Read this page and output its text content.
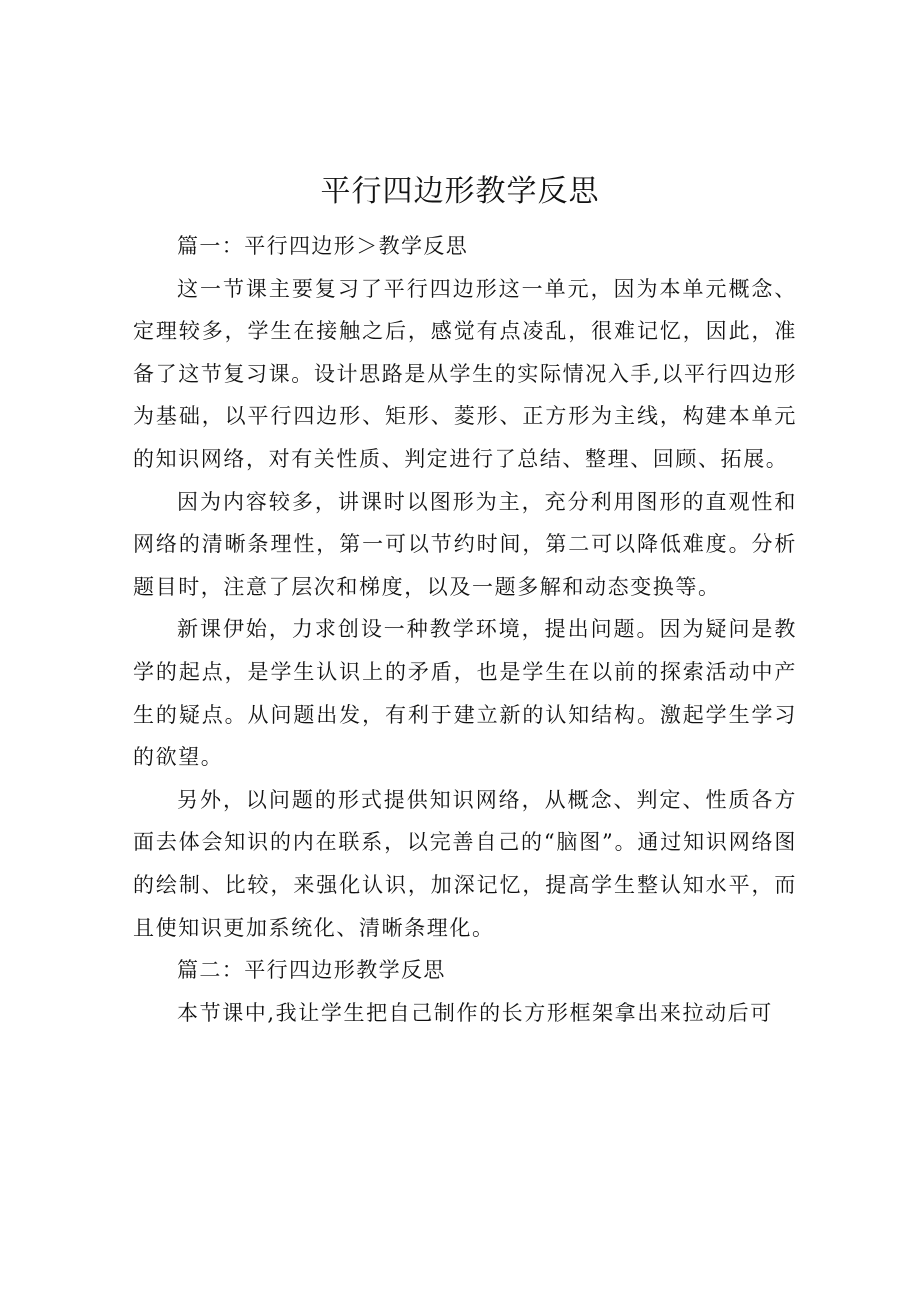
平行四边形教学反思

篇一：平行四边形＞教学反思

这一节课主要复习了平行四边形这一单元，因为本单元概念、定理较多，学生在接触之后，感觉有点凌乱，很难记忆，因此，准备了这节复习课。设计思路是从学生的实际情况入手,以平行四边形为基础，以平行四边形、矩形、菱形、正方形为主线，构建本单元的知识网络，对有关性质、判定进行了总结、整理、回顾、拓展。

因为内容较多，讲课时以图形为主，充分利用图形的直观性和网络的清晰条理性，第一可以节约时间，第二可以降低难度。分析题目时，注意了层次和梯度，以及一题多解和动态变换等。

新课伊始，力求创设一种教学环境，提出问题。因为疑问是教学的起点，是学生认识上的矛盾，也是学生在以前的探索活动中产生的疑点。从问题出发，有利于建立新的认知结构。激起学生学习的欲望。

另外，以问题的形式提供知识网络，从概念、判定、性质各方面去体会知识的内在联系，以完善自己的“脑图”。通过知识网络图的绘制、比较，来强化认识，加深记忆，提高学生整认知水平，而且使知识更加系统化、清晰条理化。

篇二：平行四边形教学反思

本节课中,我让学生把自己制作的长方形框架拿出来拉动后可
